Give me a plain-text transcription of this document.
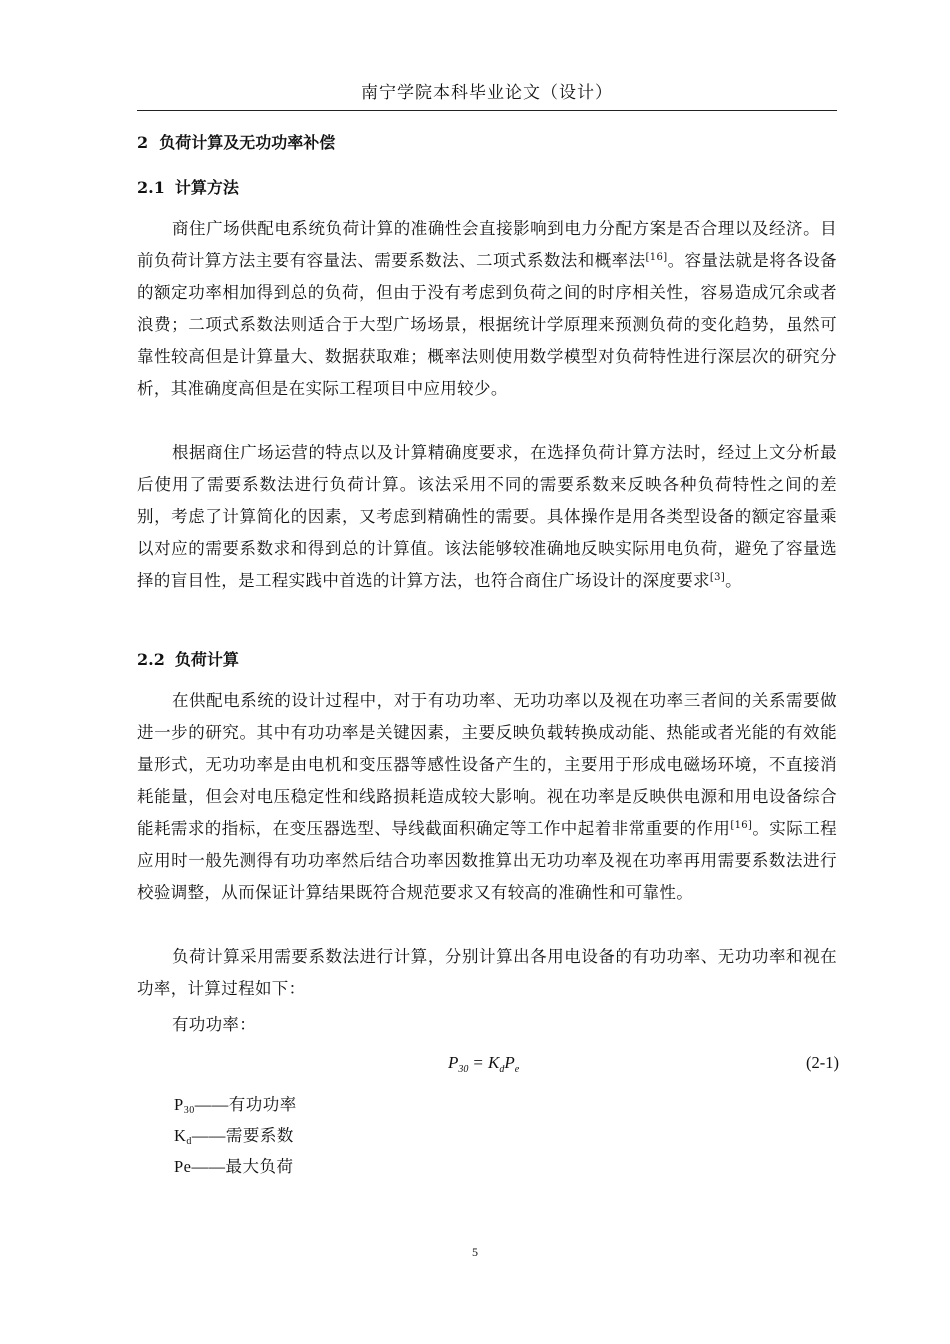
南宁学院本科毕业论文（设计）
2 负荷计算及无功功率补偿
2.1 计算方法

商住广场供配电系统负荷计算的准确性会直接影响到电力分配方案是否合理以及经济。目前负荷计算方法主要有容量法、需要系数法、二项式系数法和概率法[16]。容量法就是将各设备的额定功率相加得到总的负荷，但由于没有考虑到负荷之间的时序相关性，容易造成冗余或者浪费；二项式系数法则适合于大型广场场景，根据统计学原理来预测负荷的变化趋势，虽然可靠性较高但是计算量大、数据获取难；概率法则使用数学模型对负荷特性进行深层次的研究分析，其准确度高但是在实际工程项目中应用较少。

根据商住广场运营的特点以及计算精确度要求，在选择负荷计算方法时，经过上文分析最后使用了需要系数法进行负荷计算。该法采用不同的需要系数来反映各种负荷特性之间的差别，考虑了计算简化的因素，又考虑到精确性的需要。具体操作是用各类型设备的额定容量乘以对应的需要系数求和得到总的计算值。该法能够较准确地反映实际用电负荷，避免了容量选择的盲目性，是工程实践中首选的计算方法，也符合商住广场设计的深度要求[3]。

2.2 负荷计算

在供配电系统的设计过程中，对于有功功率、无功功率以及视在功率三者间的关系需要做进一步的研究。其中有功功率是关键因素，主要反映负载转换成动能、热能或者光能的有效能量形式，无功功率是由电机和变压器等感性设备产生的，主要用于形成电磁场环境，不直接消耗能量，但会对电压稳定性和线路损耗造成较大影响。视在功率是反映供电源和用电设备综合能耗需求的指标，在变压器选型、导线截面积确定等工作中起着非常重要的作用[16]。实际工程应用时一般先测得有功功率然后结合功率因数推算出无功功率及视在功率再用需要系数法进行校验调整，从而保证计算结果既符合规范要求又有较高的准确性和可靠性。

负荷计算采用需要系数法进行计算，分别计算出各用电设备的有功功率、无功功率和视在功率，计算过程如下：

有功功率：
$P_{30} = K_dP_e$	(2-1)
$P_{30}——$有功功率
$K_d——$需要系数
Pe——最大负荷
5
